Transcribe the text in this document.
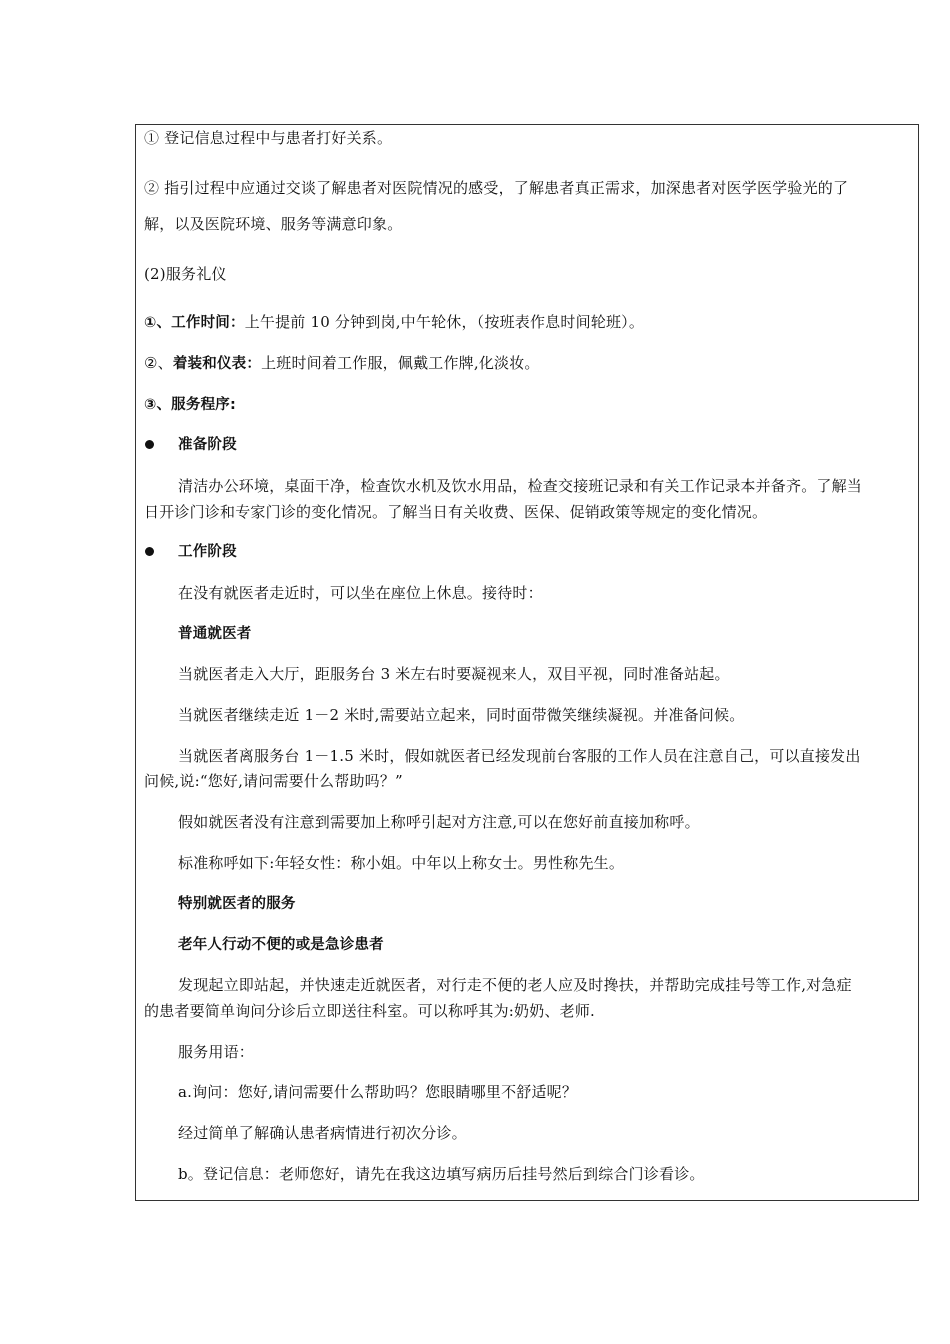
① 登记信息过程中与患者打好关系。
② 指引过程中应通过交谈了解患者对医院情况的感受，了解患者真正需求，加深患者对医学医学验光的了
解，以及医院环境、服务等满意印象。
(2)服务礼仪
①、工作时间：上午提前 10 分钟到岗,中午轮休，（按班表作息时间轮班）。
②、着装和仪表：上班时间着工作服，佩戴工作牌,化淡妆。
③、服务程序:
准备阶段
清洁办公环境，桌面干净，检查饮水机及饮水用品，检查交接班记录和有关工作记录本并备齐。了解当
日开诊门诊和专家门诊的变化情况。了解当日有关收费、医保、促销政策等规定的变化情况。
工作阶段
在没有就医者走近时，可以坐在座位上休息。接待时：
普通就医者
当就医者走入大厅，距服务台 3 米左右时要凝视来人，双目平视，同时准备站起。
当就医者继续走近 1－2 米时,需要站立起来，同时面带微笑继续凝视。并准备问候。
当就医者离服务台 1－1.5 米时，假如就医者已经发现前台客服的工作人员在注意自己，可以直接发出
问候,说:“您好,请问需要什么帮助吗？”
假如就医者没有注意到需要加上称呼引起对方注意,可以在您好前直接加称呼。
标准称呼如下:年轻女性：称小姐。中年以上称女士。男性称先生。
特别就医者的服务
老年人行动不便的或是急诊患者
发现起立即站起，并快速走近就医者，对行走不便的老人应及时搀扶，并帮助完成挂号等工作,对急症
的患者要简单询问分诊后立即送往科室。可以称呼其为:奶奶、老师.
服务用语：
a.询问：您好,请问需要什么帮助吗？您眼睛哪里不舒适呢？
经过简单了解确认患者病情进行初次分诊。
b。登记信息：老师您好，请先在我这边填写病历后挂号然后到综合门诊看诊。
